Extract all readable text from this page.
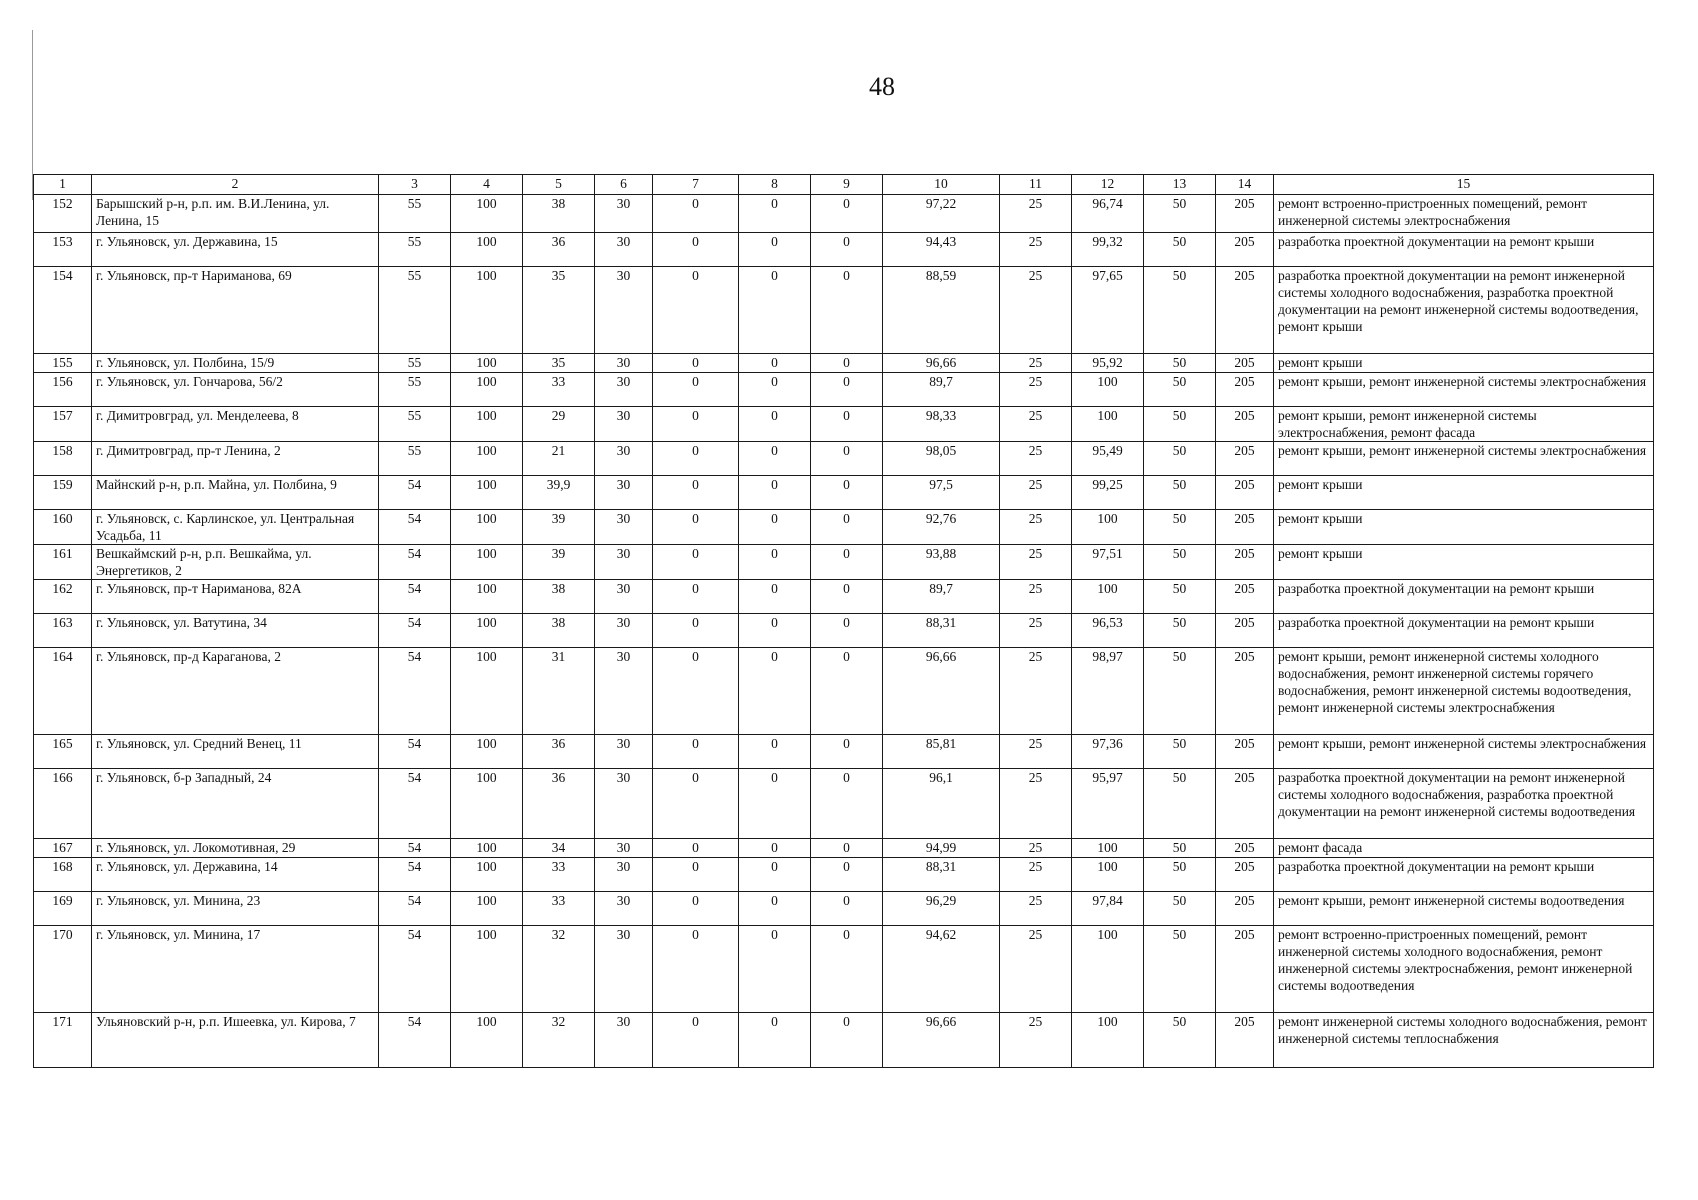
48
1	2	3	4	5	6	7	8	9	10	11	12	13	14	15
152	Барышский р-н, р.п. им. В.И.Ленина, ул. Ленина, 15	55	100	38	30	0	0	0	97,22	25	96,74	50	205	ремонт встроенно-пристроенных помещений, ремонт инженерной системы электроснабжения
153	г. Ульяновск, ул. Державина, 15	55	100	36	30	0	0	0	94,43	25	99,32	50	205	разработка проектной документации на ремонт крыши
154	г. Ульяновск, пр-т Нариманова, 69	55	100	35	30	0	0	0	88,59	25	97,65	50	205	разработка проектной документации на ремонт инженерной системы холодного водоснабжения, разработка проектной документации на ремонт инженерной системы водоотведения, ремонт крыши
155	г. Ульяновск, ул. Полбина, 15/9	55	100	35	30	0	0	0	96,66	25	95,92	50	205	ремонт крыши
156	г. Ульяновск, ул. Гончарова, 56/2	55	100	33	30	0	0	0	89,7	25	100	50	205	ремонт крыши, ремонт инженерной системы электроснабжения
157	г. Димитровград, ул. Менделеева, 8	55	100	29	30	0	0	0	98,33	25	100	50	205	ремонт крыши, ремонт инженерной системы электроснабжения, ремонт фасада
158	г. Димитровград, пр-т Ленина, 2	55	100	21	30	0	0	0	98,05	25	95,49	50	205	ремонт крыши, ремонт инженерной системы электроснабжения
159	Майнский р-н, р.п. Майна, ул. Полбина, 9	54	100	39,9	30	0	0	0	97,5	25	99,25	50	205	ремонт крыши
160	г. Ульяновск, с. Карлинское, ул. Центральная Усадьба, 11	54	100	39	30	0	0	0	92,76	25	100	50	205	ремонт крыши
161	Вешкаймский р-н, р.п. Вешкайма, ул. Энергетиков, 2	54	100	39	30	0	0	0	93,88	25	97,51	50	205	ремонт крыши
162	г. Ульяновск, пр-т Нариманова, 82А	54	100	38	30	0	0	0	89,7	25	100	50	205	разработка проектной документации на ремонт крыши
163	г. Ульяновск, ул. Ватутина, 34	54	100	38	30	0	0	0	88,31	25	96,53	50	205	разработка проектной документации на ремонт крыши
164	г. Ульяновск, пр-д Караганова, 2	54	100	31	30	0	0	0	96,66	25	98,97	50	205	ремонт крыши, ремонт инженерной системы холодного водоснабжения, ремонт инженерной системы горячего водоснабжения, ремонт инженерной системы водоотведения, ремонт инженерной системы электроснабжения
165	г. Ульяновск, ул. Средний Венец, 11	54	100	36	30	0	0	0	85,81	25	97,36	50	205	ремонт крыши, ремонт инженерной системы электроснабжения
166	г. Ульяновск, б-р Западный, 24	54	100	36	30	0	0	0	96,1	25	95,97	50	205	разработка проектной документации на ремонт инженерной системы холодного водоснабжения, разработка проектной документации на ремонт инженерной системы водоотведения
167	г. Ульяновск, ул. Локомотивная, 29	54	100	34	30	0	0	0	94,99	25	100	50	205	ремонт фасада
168	г. Ульяновск, ул. Державина, 14	54	100	33	30	0	0	0	88,31	25	100	50	205	разработка проектной документации на ремонт крыши
169	г. Ульяновск, ул. Минина, 23	54	100	33	30	0	0	0	96,29	25	97,84	50	205	ремонт крыши, ремонт инженерной системы водоотведения
170	г. Ульяновск, ул. Минина, 17	54	100	32	30	0	0	0	94,62	25	100	50	205	ремонт встроенно-пристроенных помещений, ремонт инженерной системы холодного водоснабжения, ремонт инженерной системы электроснабжения, ремонт инженерной системы водоотведения
171	Ульяновский р-н, р.п. Ишеевка, ул. Кирова, 7	54	100	32	30	0	0	0	96,66	25	100	50	205	ремонт инженерной системы холодного водоснабжения, ремонт инженерной системы теплоснабжения
